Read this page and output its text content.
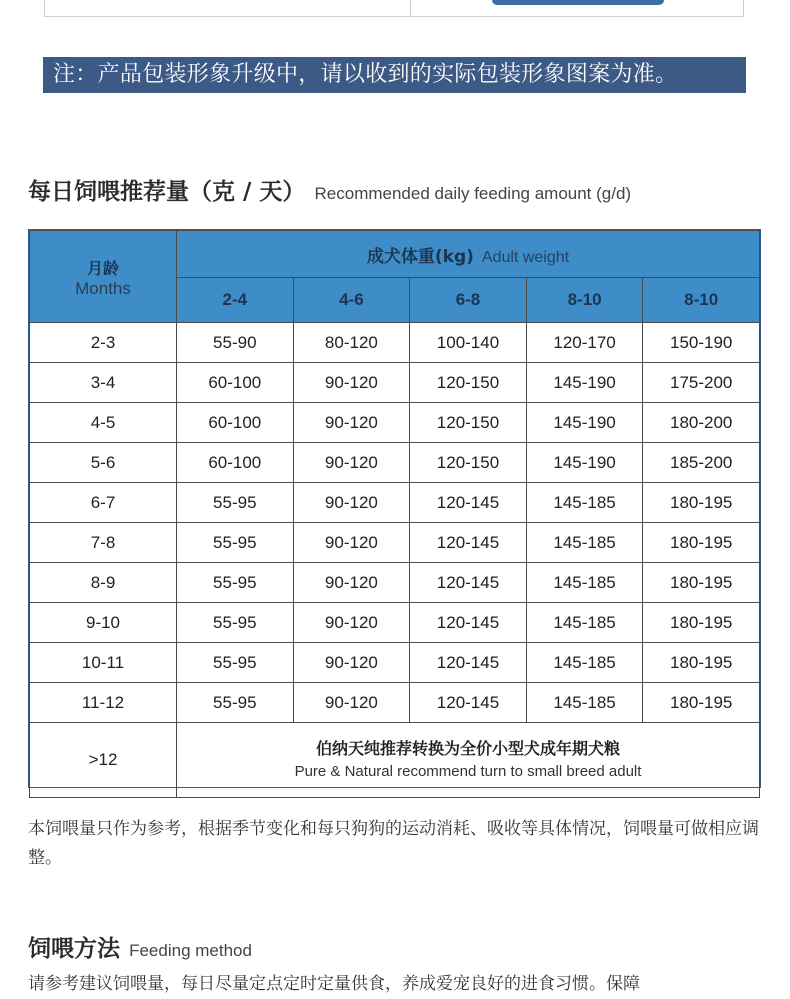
注：产品包装形象升级中，请以收到的实际包装形象图案为准。
每日饲喂推荐量（克 / 天） Recommended daily feeding amount (g/d)
月龄
Months	成犬体重(kg) Adult weight				
	2-4	4-6	6-8	8-10	8-10
2-3	55-90	80-120	100-140	120-170	150-190
3-4	60-100	90-120	120-150	145-190	175-200
4-5	60-100	90-120	120-150	145-190	180-200
5-6	60-100	90-120	120-150	145-190	185-200
6-7	55-95	90-120	120-145	145-185	180-195
7-8	55-95	90-120	120-145	145-185	180-195
8-9	55-95	90-120	120-145	145-185	180-195
9-10	55-95	90-120	120-145	145-185	180-195
10-11	55-95	90-120	120-145	145-185	180-195
11-12	55-95	90-120	120-145	145-185	180-195
>12	伯纳天纯推荐转换为全价小型犬成年期犬粮
Pure & Natural recommend turn to small breed adult				
本饲喂量只作为参考，根据季节变化和每只狗狗的运动消耗、吸收等具体情况，饲喂量可做相应调整。
饲喂方法 Feeding method
请参考建议饲喂量，每日尽量定点定时定量供食，养成爱宠良好的进食习惯。保障
